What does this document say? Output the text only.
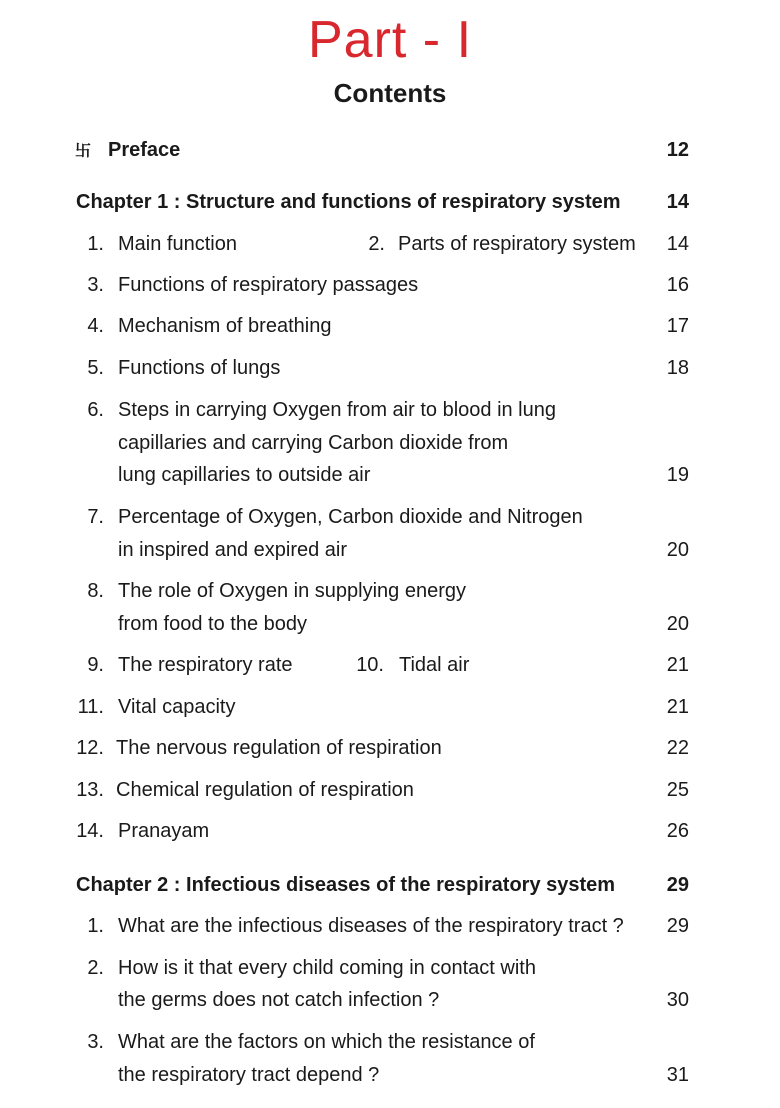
Part - I
Contents
卐 Preface	12
Chapter 1 : Structure and functions of respiratory system 14
1. Main function	2. Parts of respiratory system 14
3. Functions of respiratory passages	16
4. Mechanism of breathing	17
5. Functions of lungs	18
6. Steps in carrying Oxygen from air to blood in lung
capillaries and carrying Carbon dioxide from
lung capillaries to outside air	19
7. Percentage of Oxygen, Carbon dioxide and Nitrogen
in inspired and expired air	20
8. The role of Oxygen in supplying energy
from food to the body	20
9. The respiratory rate	10. Tidal air	21
11. Vital capacity	21
12. The nervous regulation of respiration	22
13. Chemical regulation of respiration	25
14. Pranayam	26
Chapter 2 : Infectious diseases of the respiratory system	29
1. What are the infectious diseases of the respiratory tract ? 29
2. How is it that every child coming in contact with
the germs does not catch infection ?	30
3. What are the factors on which the resistance of
the respiratory tract depend ?	31
